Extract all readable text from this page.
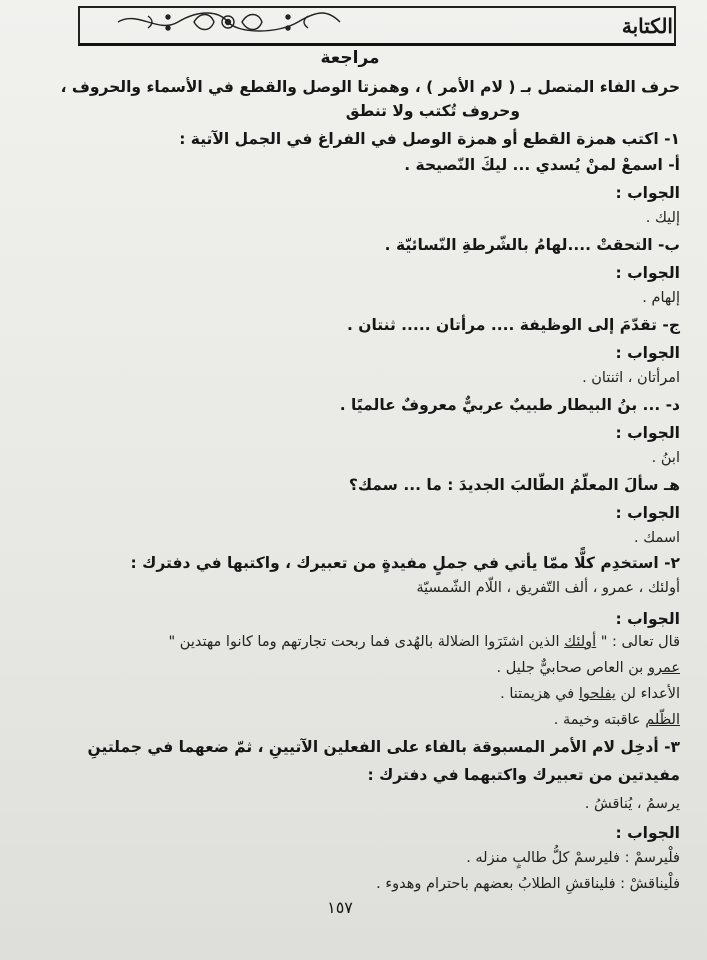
الكتابة
مراجعة
حرف الفاء المتصل بـ ( لام الأمر ) ، وهمزتا الوصل والقطع في الأسماء والحروف ،
وحروف تُكتب ولا تنطق
١- اكتب همزة القطع أو همزة الوصل في الفراغ في الجمل الآتية :
أ- اسمعْ لمنْ يُسدي ... ليكَ النّصيحة .
الجواب :
إليك .
ب- التحقتْ ....لهامُ بالشّرطةِ النّسائيّة .
الجواب :
إلهام .
ج- تقدّمَ إلى الوظيفة .... مرأتان ..... ثنتان .
الجواب :
امرأتان ، اثنتان .
د- ... بنُ البيطار طبيبٌ عربيٌّ معروفٌ عالميًا .
الجواب :
ابنُ .
هـ سألَ المعلّمُ الطّالبَ الجديدَ : ما ... سمك؟
الجواب :
اسمك .
٢- استخدِم كلًّا ممّا يأتي في جملٍ مفيدةٍ من تعبيرك ، واكتبها في دفترك :
أولئك ، عمرو ، ألف التّفريق ، اللّام الشّمسيّة
الجواب :
قال تعالى : " أولئك الذين اشتَرَوا الضلالة بالهُدى فما ربحت تجارتهم وما كانوا مهتدين "
عمرو بن العاص صحابيٌّ جليل .
الأعداء لن يفلحوا في هزيمتنا .
الظّلم عاقبته وخيمة .
٣- أدخِل لام الأمر المسبوقة بالفاء على الفعلين الآتيينِ ، ثمّ ضعهما في جملتينِ
مفيدتين من تعبيرك واكتبهما في دفترك :
يرسمُ ، يُناقشُ .
الجواب :
فلْيرسمْ : فليرسمْ كلُّ طالبٍ منزله .
فلْيناقشْ : فليناقشِ الطلابُ بعضهم باحترام وهدوء .
١٥٧
